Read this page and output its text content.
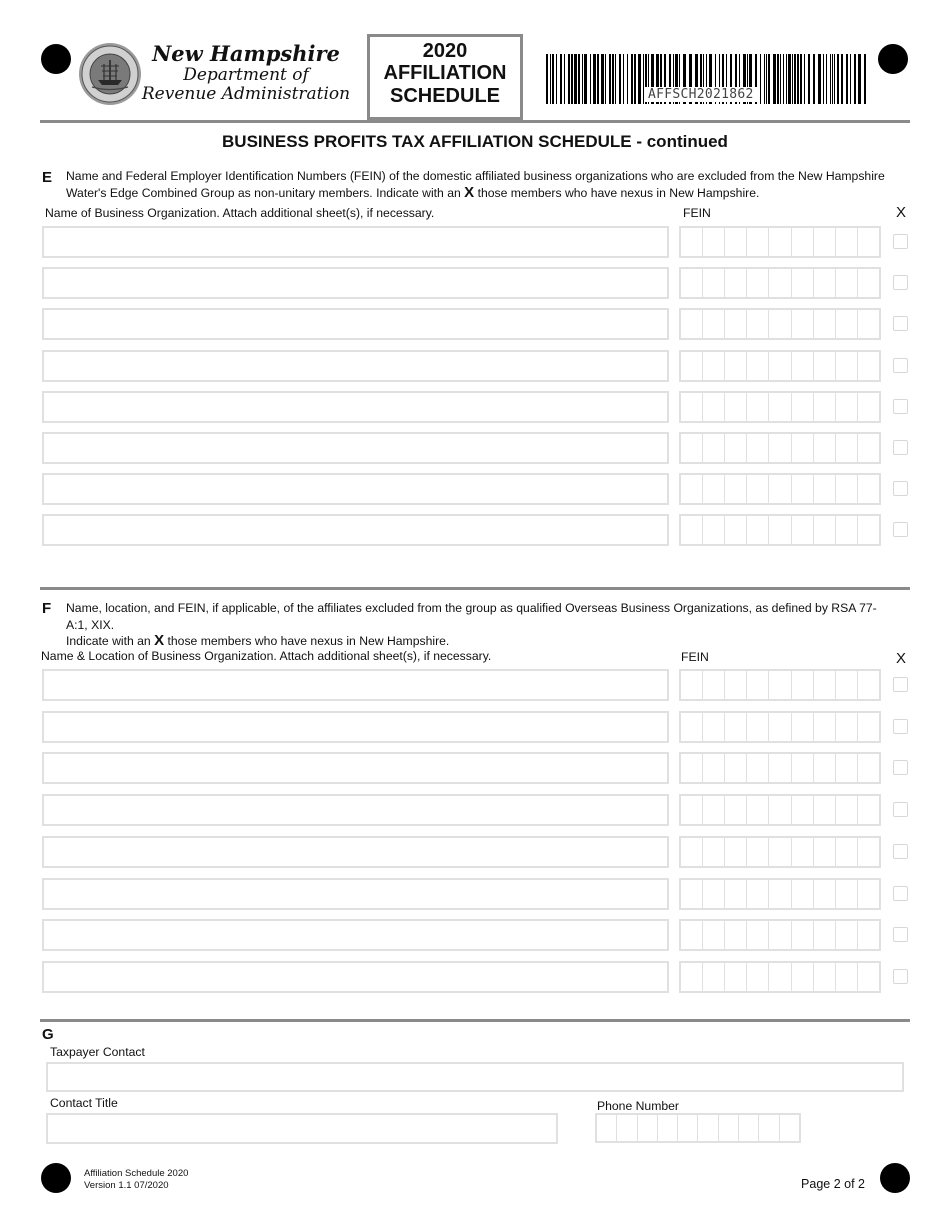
New Hampshire
Department of
Revenue Administration
2020
AFFILIATION
SCHEDULE	AFFSCH2021862
BUSINESS PROFITS TAX AFFILIATION SCHEDULE - continued
E Name and Federal Employer Identification Numbers (FEIN) of the domestic affiliated business organizations who are excluded from the New Hampshire Water's Edge Combined Group as non-unitary members. Indicate with an X those members who have nexus in New Hampshire.
Name of Business Organization. Attach additional sheet(s), if necessary.	FEIN	X
F Name, location, and FEIN, if applicable, of the affiliates excluded from the group as qualified Overseas Business Organizations, as defined by RSA 77-A:1, XIX.
Indicate with an X those members who have nexus in New Hampshire.
Name & Location of Business Organization. Attach additional sheet(s), if necessary.	FEIN	X
G
Taxpayer Contact
Contact Title	Phone Number
Affiliation Schedule 2020
Version 1.1 07/2020	Page 2 of 2
